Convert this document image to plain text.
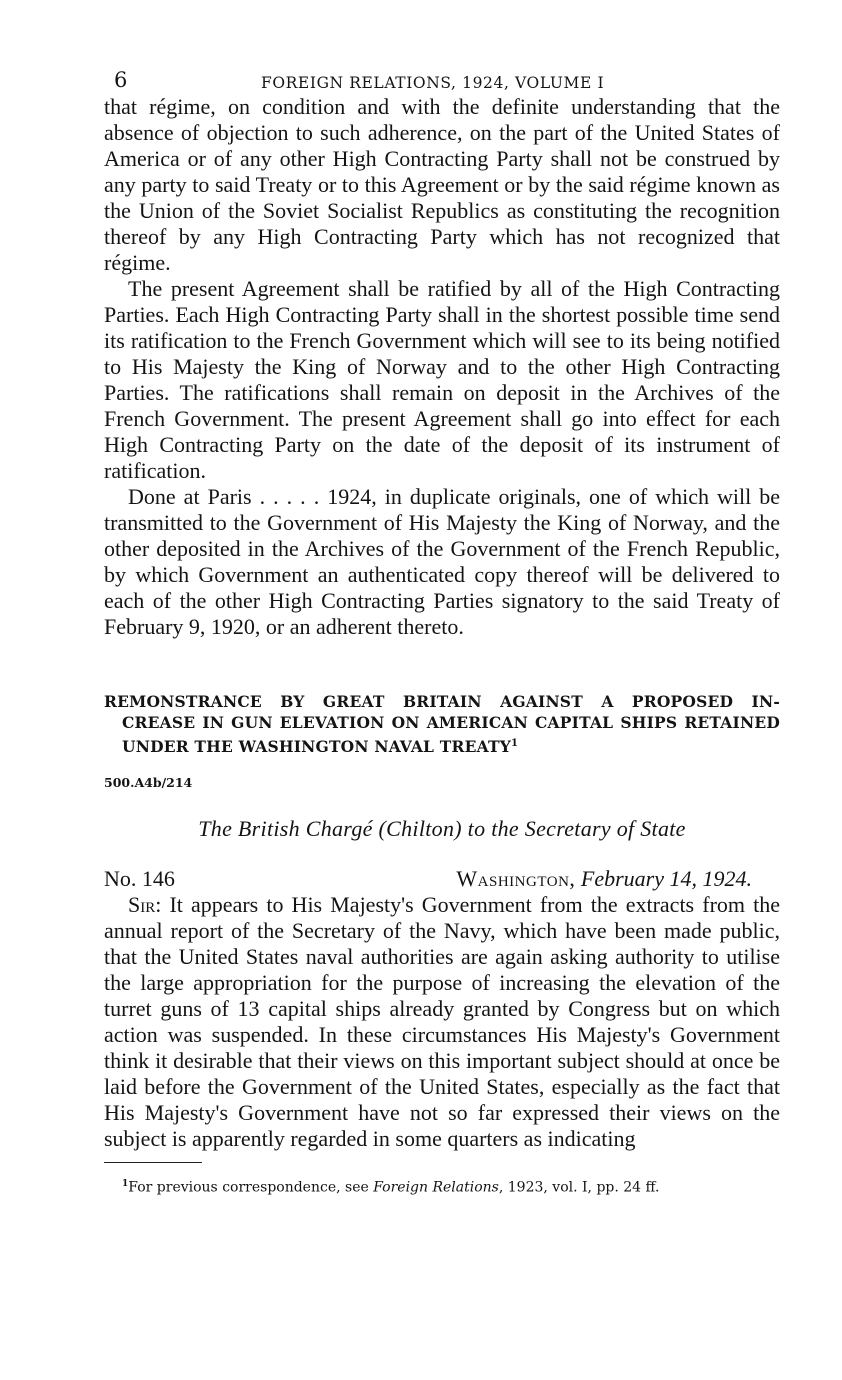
6	FOREIGN RELATIONS, 1924, VOLUME I

that régime, on condition and with the definite understanding that the absence of objection to such adherence, on the part of the United States of America or of any other High Contracting Party shall not be construed by any party to said Treaty or to this Agreement or by the said régime known as the Union of the Soviet Socialist Republics as constituting the recognition thereof by any High Contracting Party which has not recognized that régime.

The present Agreement shall be ratified by all of the High Contracting Parties. Each High Contracting Party shall in the shortest possible time send its ratification to the French Government which will see to its being notified to His Majesty the King of Norway and to the other High Contracting Parties. The ratifications shall remain on deposit in the Archives of the French Government. The present Agreement shall go into effect for each High Contracting Party on the date of the deposit of its instrument of ratification.

Done at Paris . . . . . 1924, in duplicate originals, one of which will be transmitted to the Government of His Majesty the King of Norway, and the other deposited in the Archives of the Government of the French Republic, by which Government an authenticated copy thereof will be delivered to each of the other High Contracting Parties signatory to the said Treaty of February 9, 1920, or an adherent thereto.

REMONSTRANCE BY GREAT BRITAIN AGAINST A PROPOSED IN-
CREASE IN GUN ELEVATION ON AMERICAN CAPITAL SHIPS RETAINED UNDER THE WASHINGTON NAVAL TREATY$^1$
500.A4b/214
The British Chargé (Chilton) to the Secretary of State
No. 146	Washington, February 14, 1924.

Sir: It appears to His Majesty's Government from the extracts from the annual report of the Secretary of the Navy, which have been made public, that the United States naval authorities are again asking authority to utilise the large appropriation for the purpose of increasing the elevation of the turret guns of 13 capital ships already granted by Congress but on which action was suspended. In these circumstances His Majesty's Government think it desirable that their views on this important subject should at once be laid before the Government of the United States, especially as the fact that His Majesty's Government have not so far expressed their views on the subject is apparently regarded in some quarters as indicating

$^1$For previous correspondence, see Foreign Relations, 1923, vol. I, pp. 24 ff.
